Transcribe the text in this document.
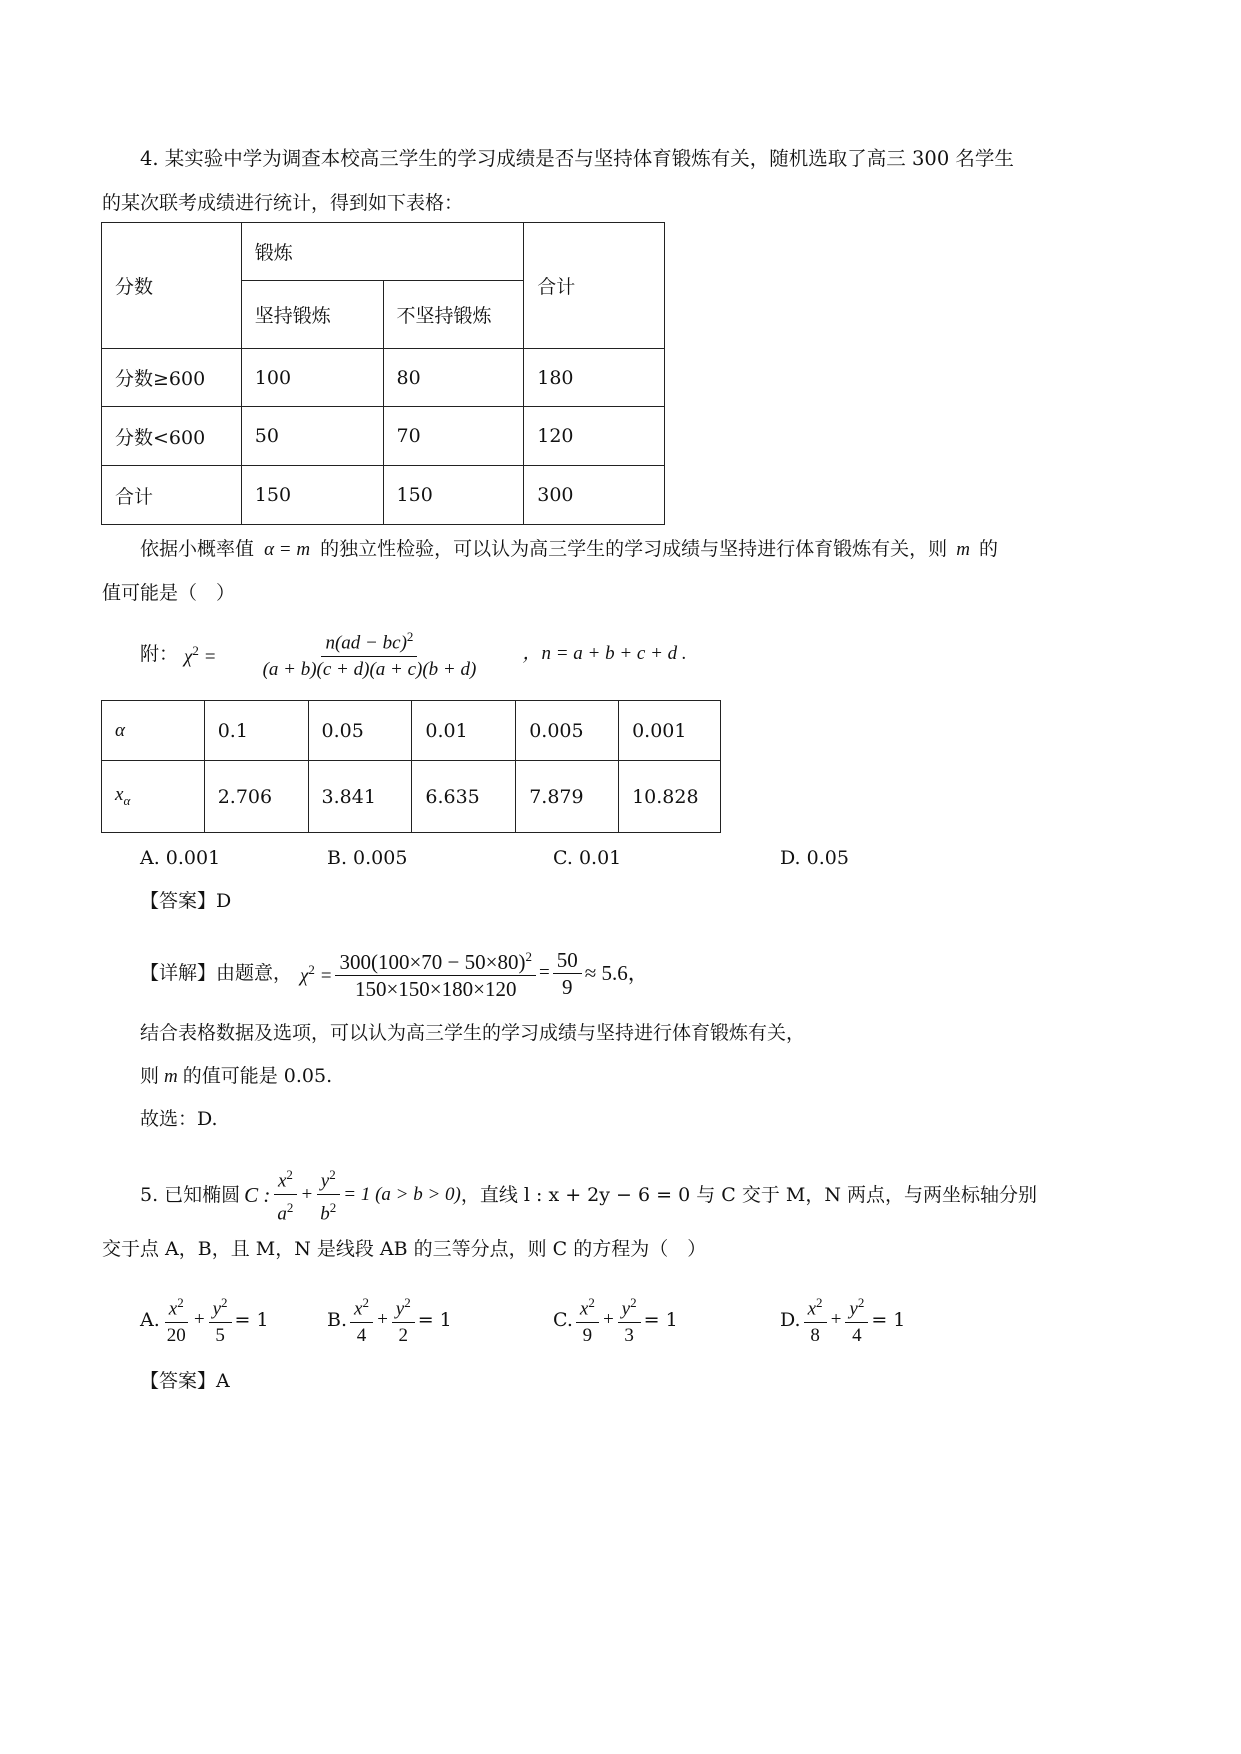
4. 某实验中学为调查本校高三学生的学习成绩是否与坚持体育锻炼有关，随机选取了高三 300 名学生
的某次联考成绩进行统计，得到如下表格：
分数	锻炼		合计
	坚持锻炼	不坚持锻炼	
分数≥600	100	80	180
分数<600	50	70	120
合计	150	150	300
依据小概率值 α = m 的独立性检验，可以认为高三学生的学习成绩与坚持进行体育锻炼有关，则 m 的
值可能是（　）
附： $\chi^2 = \frac{n(ad - bc)^2}{(a + b)(c + d)(a + c)(b + d)}$ ，n = a + b + c + d .
α	0.1	0.05	0.01	0.005	0.001
$x_\alpha$	2.706	3.841	6.635	7.879	10.828
A. 0.001	B. 0.005	C. 0.01	D. 0.05
【答案】D
【详解】由题意， $\chi^2 = \frac{300(100\times 70 - 50\times 80)^2}{150\times 150\times 180\times 120} = \frac{50}{9} \approx 5.6$，
结合表格数据及选项，可以认为高三学生的学习成绩与坚持进行体育锻炼有关，
则 m 的值可能是 0.05.
故选：D.
5. 已知椭圆 C : $\frac{x^2}{a^2} + \frac{y^2}{b^2} = 1$ (a > b > 0) ，直线 l : x + 2y − 6 = 0 与 C 交于 M，N 两点，与两坐标轴分别
交于点 A，B，且 M，N 是线段 AB 的三等分点，则 C 的方程为（　）
A. $\frac{x^2}{20} + \frac{y^2}{5} = 1$	B. $\frac{x^2}{4} + \frac{y^2}{2} = 1$	C. $\frac{x^2}{9} + \frac{y^2}{3} = 1$	D. $\frac{x^2}{8} + \frac{y^2}{4} = 1$
【答案】A
